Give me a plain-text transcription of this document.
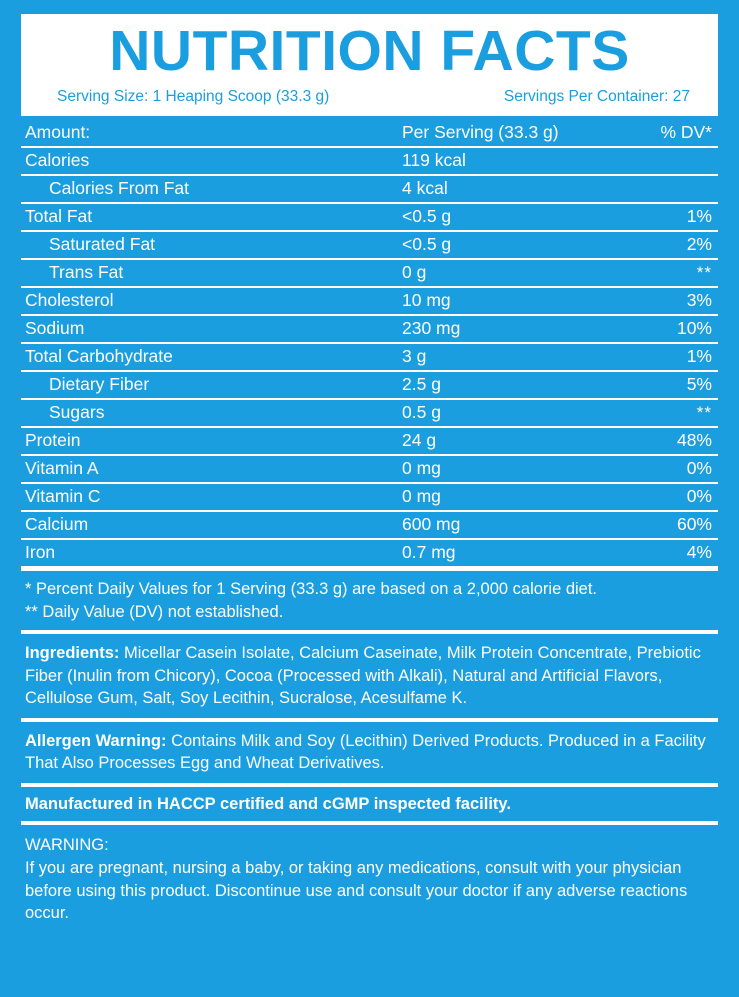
NUTRITION FACTS
Serving Size: 1 Heaping Scoop (33.3 g)	Servings Per Container: 27
Amount:	Per Serving (33.3 g)	% DV*
Calories	119 kcal	
Calories From Fat	4 kcal	
Total Fat	<0.5 g	1%
Saturated Fat	<0.5 g	2%
Trans Fat	0 g	**
Cholesterol	10 mg	3%
Sodium	230 mg	10%
Total Carbohydrate	3 g	1%
Dietary Fiber	2.5 g	5%
Sugars	0.5 g	**
Protein	24 g	48%
Vitamin A	0 mg	0%
Vitamin C	0 mg	0%
Calcium	600 mg	60%
Iron	0.7 mg	4%
* Percent Daily Values for 1 Serving (33.3 g) are based on a 2,000 calorie diet.
** Daily Value (DV) not established.
Ingredients: Micellar Casein Isolate, Calcium Caseinate, Milk Protein Concentrate, Prebiotic Fiber (Inulin from Chicory), Cocoa (Processed with Alkali), Natural and Artificial Flavors, Cellulose Gum, Salt, Soy Lecithin, Sucralose, Acesulfame K.
Allergen Warning: Contains Milk and Soy (Lecithin) Derived Products. Produced in a Facility That Also Processes Egg and Wheat Derivatives.
Manufactured in HACCP certified and cGMP inspected facility.
WARNING:
If you are pregnant, nursing a baby, or taking any medications, consult with your physician before using this product. Discontinue use and consult your doctor if any adverse reactions occur.
